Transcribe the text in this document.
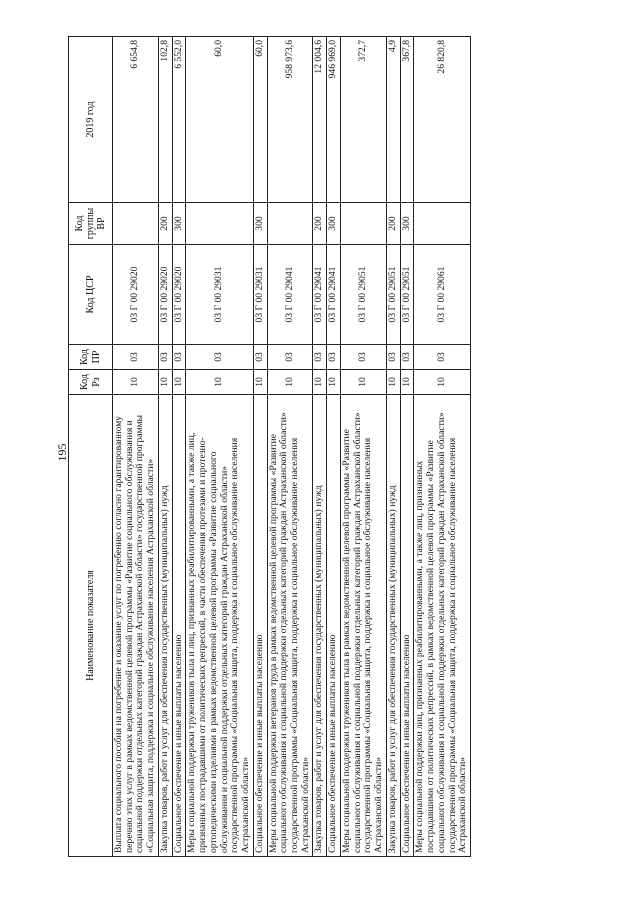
195
Наименование показателя	Код Рз	Код ПР	Код ЦСР	Код группы ВР	2019 год
Выплата социального пособия на погребение и оказание услуг по погребению согласно гарантированному перечню этих услуг в рамках ведомственной целевой программы «Развитие социального обслуживания и социальной поддержки отдельных категорий граждан Астраханской области» государственной программы «Социальная защита, поддержка и социальное обслуживание населения Астраханской области»	10	03	03 Г 00 29020		6 654,8
Закупка товаров, работ и услуг для обеспечения государственных (муниципальных) нужд	10	03	03 Г 00 29020	200	102,8
Социальное обеспечение и иные выплаты населению	10	03	03 Г 00 29020	300	6 552,0
Меры социальной поддержки тружеников тыла и лиц, признанных реабилитированными, а также лиц, признанных пострадавшими от политических репрессий, в части обеспечения протезами и протезно-ортопедическими изделиями в рамках ведомственной целевой программы «Развитие социального обслуживания и социальной поддержки отдельных категорий граждан Астраханской области» государственной программы «Социальная защита, поддержка и социальное обслуживание населения Астраханской области»	10	03	03 Г 00 29031		60,0
Социальное обеспечение и иные выплаты населению	10	03	03 Г 00 29031	300	60,0
Меры социальной поддержки ветеранов труда в рамках ведомственной целевой программы «Развитие социального обслуживания и социальной поддержки отдельных категорий граждан Астраханской области» государственной программы «Социальная защита, поддержка и социальное обслуживание населения Астраханской области»	10	03	03 Г 00 29041		958 973,6
Закупка товаров, работ и услуг для обеспечения государственных (муниципальных) нужд	10	03	03 Г 00 29041	200	12 004,6
Социальное обеспечение и иные выплаты населению	10	03	03 Г 00 29041	300	946 969,0
Меры социальной поддержки тружеников тыла в рамках ведомственной целевой программы «Развитие социального обслуживания и социальной поддержки отдельных категорий граждан Астраханской области» государственной программы «Социальная защита, поддержка и социальное обслуживание населения Астраханской области»	10	03	03 Г 00 29051		372,7
Закупка товаров, работ и услуг для обеспечения государственных (муниципальных) нужд	10	03	03 Г 00 29051	200	4,9
Социальное обеспечение и иные выплаты населению	10	03	03 Г 00 29051	300	367,8
Меры социальной поддержки лиц, признанных реабилитированными, а также лиц, признанных пострадавшими от политических репрессий, в рамках ведомственной целевой программы «Развитие социального обслуживания и социальной поддержки отдельных категорий граждан Астраханской области» государственной программы «Социальная защита, поддержка и социальное обслуживание населения Астраханской области»	10	03	03 Г 00 29061		26 820,8
